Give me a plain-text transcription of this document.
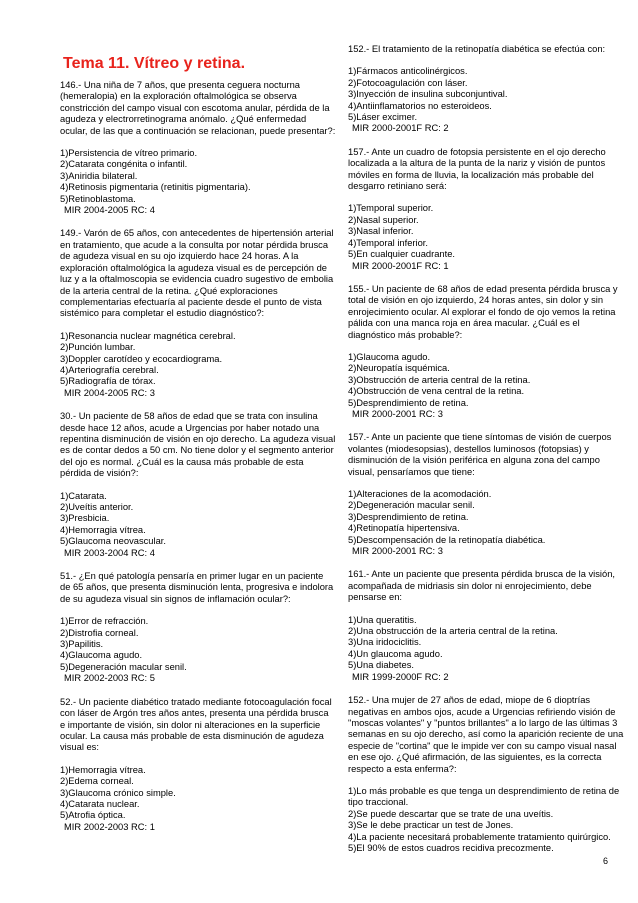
Tema 11. Vítreo y retina.
146.- Una niña de 7 años, que presenta ceguera nocturna (hemeralopia) en la exploración oftalmológica se observa constricción del campo visual con escotoma anular, pérdida de la agudeza y electrorretinograma anómalo. ¿Qué enfermedad ocular, de las que a continuación se relacionan, puede presentar?:
1)Persistencia de vítreo primario.
2)Catarata congénita o infantil.
3)Aniridia bilateral.
4)Retinosis pigmentaria (retinitis pigmentaria).
5)Retinoblastoma.
MIR 2004-2005 RC: 4
149.- Varón de 65 años, con antecedentes de hipertensión arterial en tratamiento, que acude a la consulta por notar pérdida brusca de agudeza visual en su ojo izquierdo hace 24 horas. A la exploración oftalmológica la agudeza visual es de percepción de luz y a la oftalmoscopia se evidencia cuadro sugestivo de embolia de la arteria central de la retina. ¿Qué exploraciones complementarias efectuaría al paciente desde el punto de vista sistémico para completar el estudio diagnóstico?:
1)Resonancia nuclear magnética cerebral.
2)Punción lumbar.
3)Doppler carotídeo y ecocardiograma.
4)Arteriografía cerebral.
5)Radiografía de tórax.
MIR 2004-2005 RC: 3
30.- Un paciente de 58 años de edad que se trata con insulina desde hace 12 años, acude a Urgencias por haber notado una repentina disminución de visión en ojo derecho. La agudeza visual es de contar dedos a 50 cm. No tiene dolor y el segmento anterior del ojo es normal. ¿Cuál es la causa más probable de esta pérdida de visión?:
1)Catarata.
2)Uveítis anterior.
3)Presbicia.
4)Hemorragia vítrea.
5)Glaucoma neovascular.
MIR 2003-2004 RC: 4
51.- ¿En qué patología pensaría en primer lugar en un paciente de 65 años, que presenta disminución lenta, progresiva e indolora de su agudeza visual sin signos de inflamación ocular?:
1)Error de refracción.
2)Distrofia corneal.
3)Papilitis.
4)Glaucoma agudo.
5)Degeneración macular senil.
MIR 2002-2003 RC: 5
52.- Un paciente diabético tratado mediante fotocoagulación focal con láser de Argón tres años antes, presenta una pérdida brusca e importante de visión, sin dolor ni alteraciones en la superficie ocular. La causa más probable de esta disminución de agudeza visual es:
1)Hemorragia vítrea.
2)Edema corneal.
3)Glaucoma crónico simple.
4)Catarata nuclear.
5)Atrofia óptica.
MIR 2002-2003 RC: 1
152.- El tratamiento de la retinopatía diabética se efectúa con:
1)Fármacos anticolinérgicos.
2)Fotocoagulación con láser.
3)Inyección de insulina subconjuntival.
4)Antiinflamatorios no esteroideos.
5)Láser excimer.
MIR 2000-2001F RC: 2
157.- Ante un cuadro de fotopsia persistente en el ojo derecho localizada a la altura de la punta de la nariz y visión de puntos móviles en forma de lluvia, la localización más probable del desgarro retiniano será:
1)Temporal superior.
2)Nasal superior.
3)Nasal inferior.
4)Temporal inferior.
5)En cualquier cuadrante.
MIR 2000-2001F RC: 1
155.- Un paciente de 68 años de edad presenta pérdida brusca y total de visión en ojo izquierdo, 24 horas antes, sin dolor y sin enrojecimiento ocular. Al explorar el fondo de ojo vemos la retina pálida con una manca roja en área macular. ¿Cuál es el diagnóstico más probable?:
1)Glaucoma agudo.
2)Neuropatía isquémica.
3)Obstrucción de arteria central de la retina.
4)Obstrucción de vena central de la retina.
5)Desprendimiento de retina.
MIR 2000-2001 RC: 3
157.- Ante un paciente que tiene síntomas de visión de cuerpos volantes (miodesopsias), destellos luminosos (fotopsias) y disminución de la visión periférica en alguna zona del campo visual, pensaríamos que tiene:
1)Alteraciones de la acomodación.
2)Degeneración macular senil.
3)Desprendimiento de retina.
4)Retinopatía hipertensiva.
5)Descompensación de la retinopatía diabética.
MIR 2000-2001 RC: 3
161.- Ante un paciente que presenta pérdida brusca de la visión, acompañada de midriasis sin dolor ni enrojecimiento, debe pensarse en:
1)Una queratitis.
2)Una obstrucción de la arteria central de la retina.
3)Una iridociclitis.
4)Un glaucoma agudo.
5)Una diabetes.
MIR 1999-2000F RC: 2
152.- Una mujer de 27 años de edad, miope de 6 dioptrías negativas en ambos ojos, acude a Urgencias refiriendo visión de "moscas volantes" y "puntos brillantes" a lo largo de las últimas 3 semanas en su ojo derecho, así como la aparición reciente de una especie de "cortina" que le impide ver con su campo visual nasal en ese ojo. ¿Qué afirmación, de las siguientes, es la correcta respecto a esta enferma?:
1)Lo más probable es que tenga un desprendimiento de retina de tipo traccional.
2)Se puede descartar que se trate de una uveítis.
3)Se le debe practicar un test de Jones.
4)La paciente necesitará probablemente tratamiento quirúrgico.
5)El 90% de estos cuadros recidiva precozmente.
6
